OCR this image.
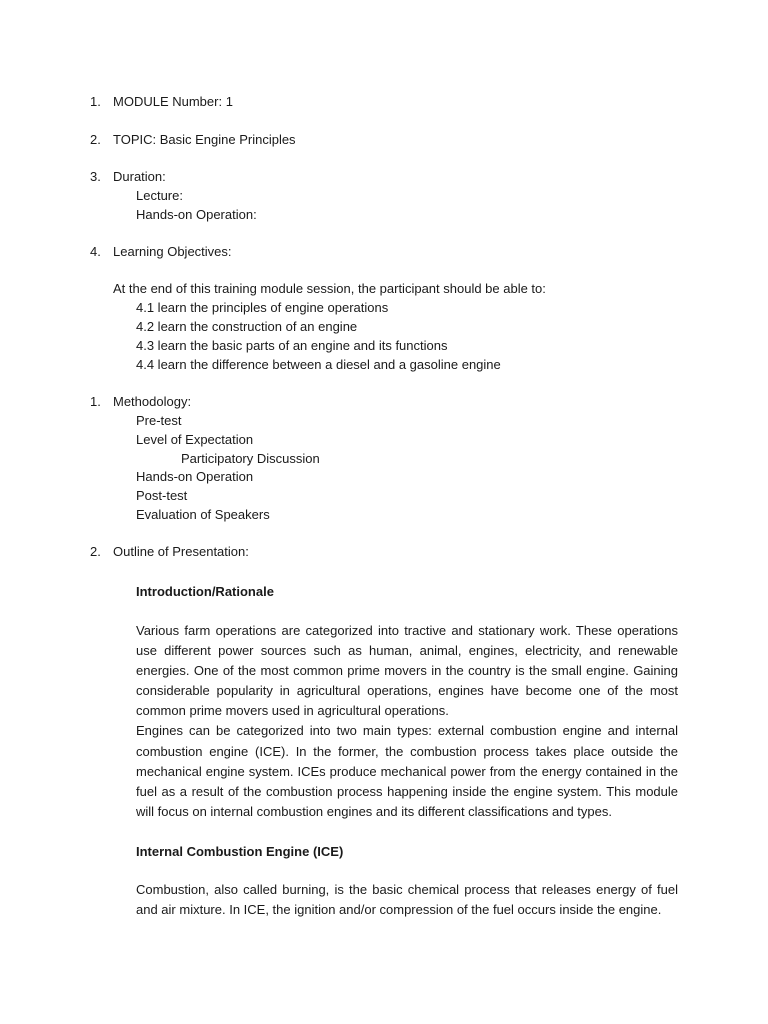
1. MODULE Number: 1
2. TOPIC: Basic Engine Principles
3. Duration:
Lecture:
Hands-on Operation:
4. Learning Objectives:
At the end of this training module session, the participant should be able to:
4.1 learn the principles of engine operations
4.2 learn the construction of an engine
4.3 learn the basic parts of an engine and its functions
4.4 learn the difference between a diesel and a gasoline engine
1. Methodology:
Pre-test
Level of Expectation
Participatory Discussion
Hands-on Operation
Post-test
Evaluation of Speakers
2. Outline of Presentation:
Introduction/Rationale

Various farm operations are categorized into tractive and stationary work. These operations use different power sources such as human, animal, engines, electricity, and renewable energies. One of the most common prime movers in the country is the small engine. Gaining considerable popularity in agricultural operations, engines have become one of the most common prime movers used in agricultural operations.

Engines can be categorized into two main types: external combustion engine and internal combustion engine (ICE). In the former, the combustion process takes place outside the mechanical engine system. ICEs produce mechanical power from the energy contained in the fuel as a result of the combustion process happening inside the engine system. This module will focus on internal combustion engines and its different classifications and types.

Internal Combustion Engine (ICE)

Combustion, also called burning, is the basic chemical process that releases energy of fuel and air mixture. In ICE, the ignition and/or compression of the fuel occurs inside the engine.
